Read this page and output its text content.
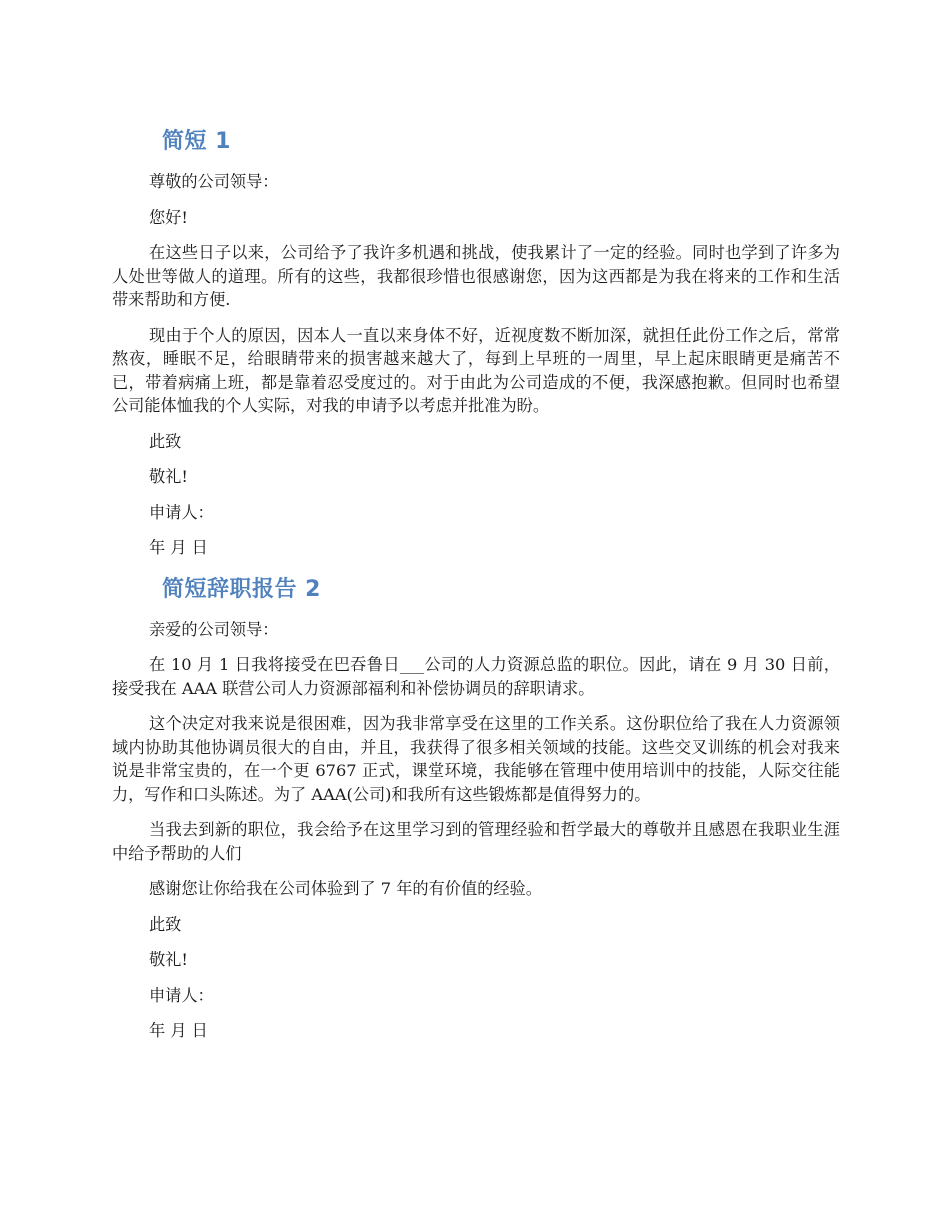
简短 1

尊敬的公司领导：

您好!

在这些日子以来，公司给予了我许多机遇和挑战，使我累计了一定的经验。同时也学到了许多为人处世等做人的道理。所有的这些，我都很珍惜也很感谢您，因为这西都是为我在将来的工作和生活带来帮助和方便.

现由于个人的原因，因本人一直以来身体不好，近视度数不断加深，就担任此份工作之后，常常熬夜，睡眠不足，给眼睛带来的损害越来越大了，每到上早班的一周里，早上起床眼睛更是痛苦不已，带着病痛上班，都是靠着忍受度过的。对于由此为公司造成的不便，我深感抱歉。但同时也希望公司能体恤我的个人实际，对我的申请予以考虑并批准为盼。

此致

敬礼!

申请人：

年 月 日

简短辞职报告 2

亲爱的公司领导：

在 10 月 1 日我将接受在巴吞鲁日___公司的人力资源总监的职位。因此，请在 9 月 30 日前，接受我在 AAA 联营公司人力资源部福利和补偿协调员的辞职请求。

这个决定对我来说是很困难，因为我非常享受在这里的工作关系。这份职位给了我在人力资源领域内协助其他协调员很大的自由，并且，我获得了很多相关领域的技能。这些交叉训练的机会对我来说是非常宝贵的，在一个更 6767 正式，课堂环境，我能够在管理中使用培训中的技能，人际交往能力，写作和口头陈述。为了 AAA(公司)和我所有这些锻炼都是值得努力的。

当我去到新的职位，我会给予在这里学习到的管理经验和哲学最大的尊敬并且感恩在我职业生涯中给予帮助的人们

感谢您让你给我在公司体验到了 7 年的有价值的经验。

此致

敬礼!

申请人：

年 月 日
